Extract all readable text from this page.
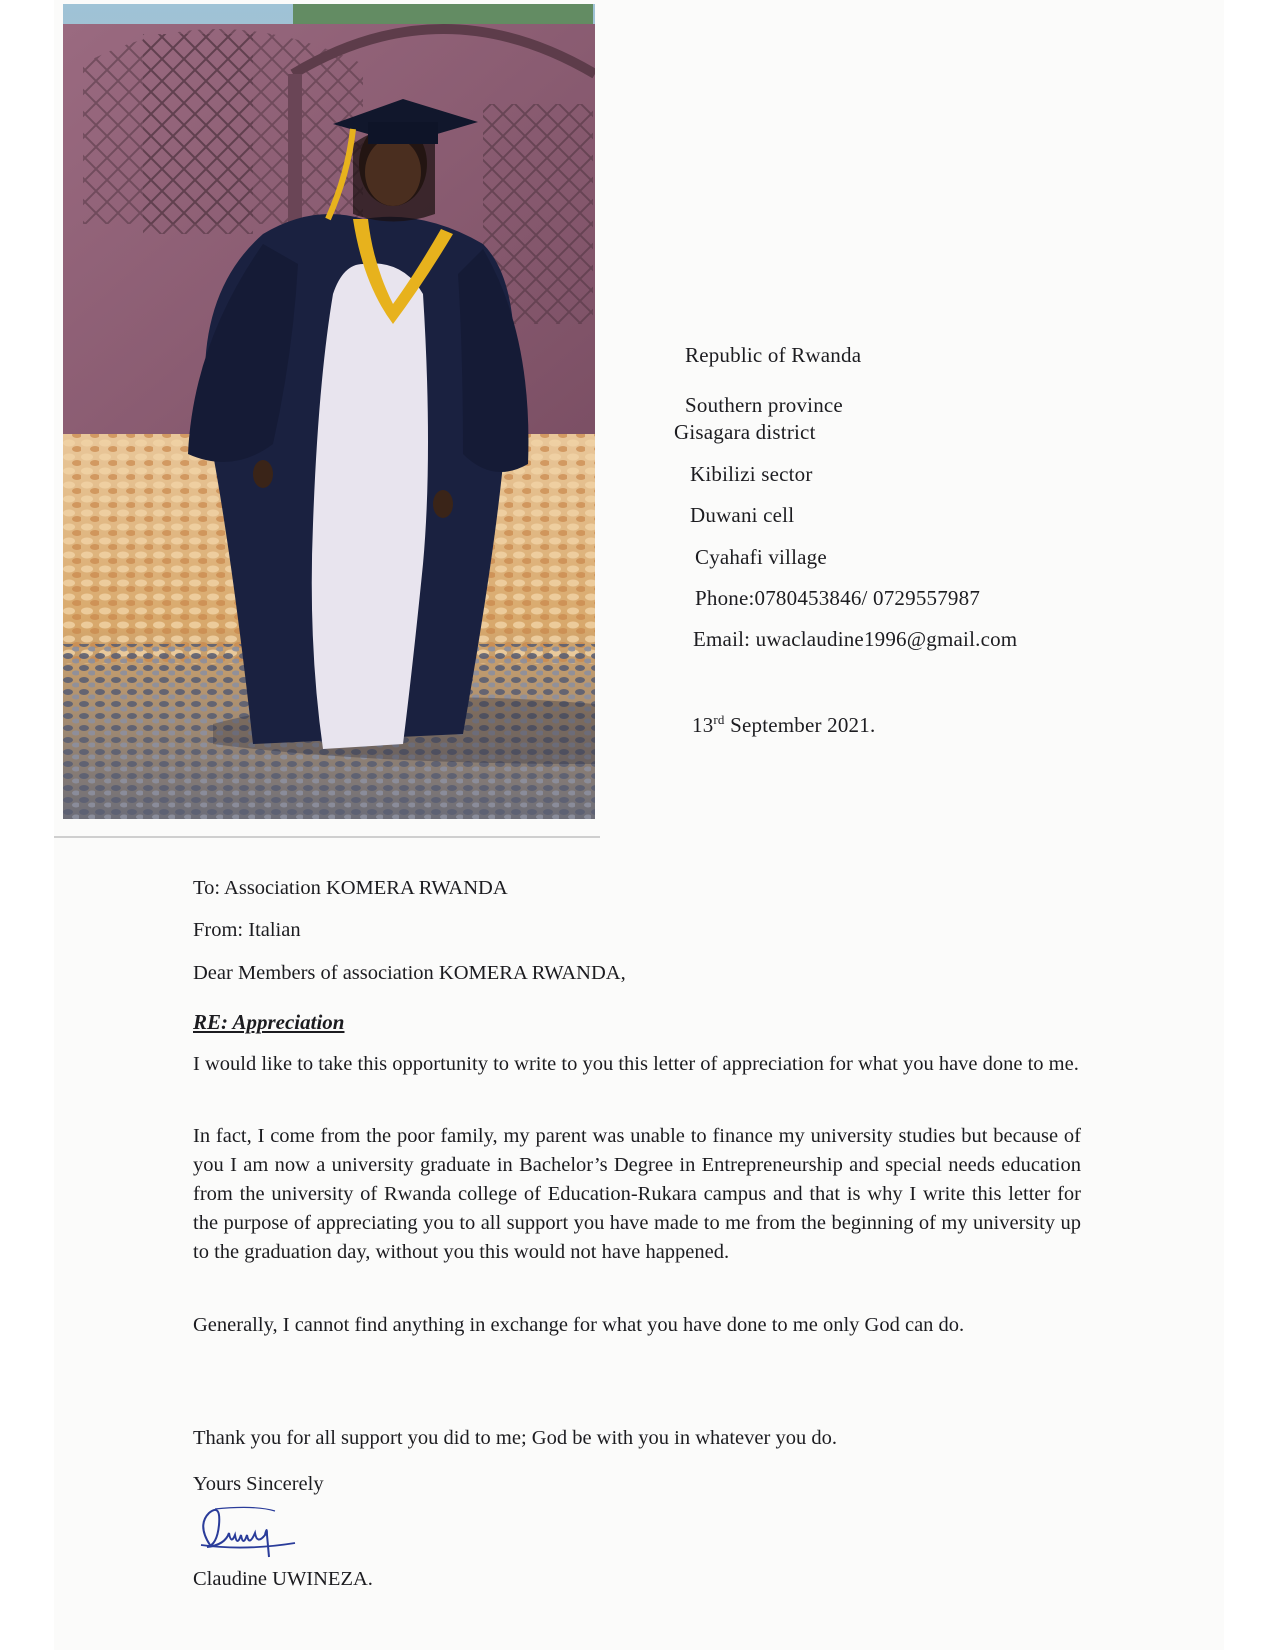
Republic of Rwanda
Southern province
Gisagara district
Kibilizi sector
Duwani cell
Cyahafi village
Phone:0780453846/ 0729557987
Email: uwaclaudine1996@gmail.com
13rd September 2021.
To: Association KOMERA RWANDA
From: Italian
Dear Members of association KOMERA RWANDA,
RE: Appreciation
I would like to take this opportunity to write to you this letter of appreciation for what you have done to me.
In fact, I come from the poor family, my parent was unable to finance my university studies but because of you I am now a university graduate in Bachelor’s Degree in Entrepreneurship and special needs education from the university of Rwanda college of Education-Rukara campus and that is why I write this letter for the purpose of appreciating you to all support you have made to me from the beginning of my university up to the graduation day, without you this would not have happened.
Generally, I cannot find anything in exchange for what you have done to me only God can do.
Thank you for all support you did to me; God be with you in whatever you do.
Yours Sincerely
Claudine UWINEZA.
